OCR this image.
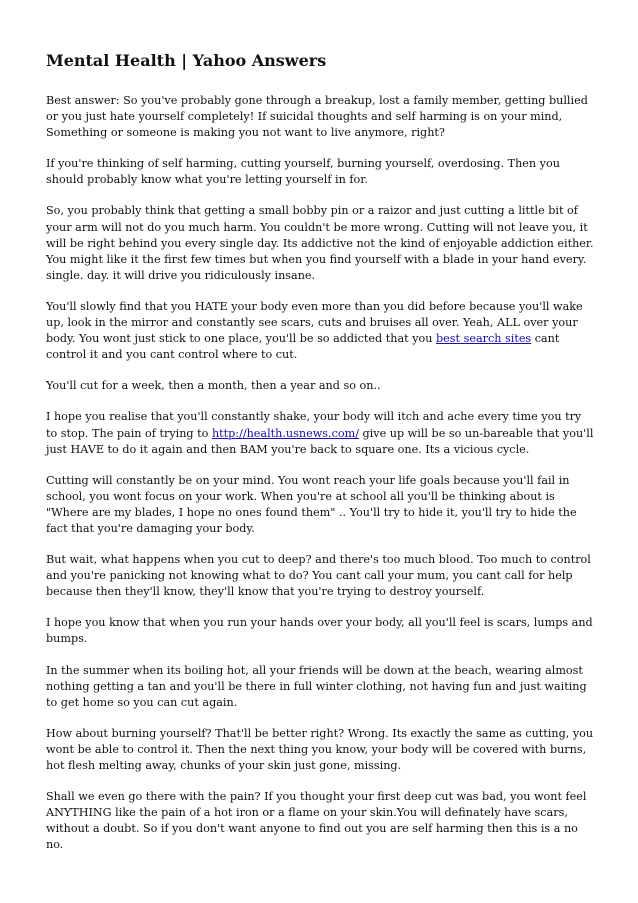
Mental Health | Yahoo Answers

Best answer: So you've probably gone through a breakup, lost a family member, getting bullied or you just hate yourself completely! If suicidal thoughts and self harming is on your mind, Something or someone is making you not want to live anymore, right?

If you're thinking of self harming, cutting yourself, burning yourself, overdosing. Then you should probably know what you're letting yourself in for.

So, you probably think that getting a small bobby pin or a raizor and just cutting a little bit of your arm will not do you much harm. You couldn't be more wrong. Cutting will not leave you, it will be right behind you every single day. Its addictive not the kind of enjoyable addiction either. You might like it the first few times but when you find yourself with a blade in your hand every. single. day. it will drive you ridiculously insane.

You'll slowly find that you HATE your body even more than you did before because you'll wake up, look in the mirror and constantly see scars, cuts and bruises all over. Yeah, ALL over your body. You wont just stick to one place, you'll be so addicted that you best search sites cant control it and you cant control where to cut.

You'll cut for a week, then a month, then a year and so on..

I hope you realise that you'll constantly shake, your body will itch and ache every time you try to stop. The pain of trying to http://health.usnews.com/ give up will be so un-bareable that you'll just HAVE to do it again and then BAM you're back to square one. Its a vicious cycle.

Cutting will constantly be on your mind. You wont reach your life goals because you'll fail in school, you wont focus on your work. When you're at school all you'll be thinking about is "Where are my blades, I hope no ones found them" .. You'll try to hide it, you'll try to hide the fact that you're damaging your body.

But wait, what happens when you cut to deep? and there's too much blood. Too much to control and you're panicking not knowing what to do? You cant call your mum, you cant call for help because then they'll know, they'll know that you're trying to destroy yourself.

I hope you know that when you run your hands over your body, all you'll feel is scars, lumps and bumps.

In the summer when its boiling hot, all your friends will be down at the beach, wearing almost nothing getting a tan and you'll be there in full winter clothing, not having fun and just waiting to get home so you can cut again.

How about burning yourself? That'll be better right? Wrong. Its exactly the same as cutting, you wont be able to control it. Then the next thing you know, your body will be covered with burns, hot flesh melting away, chunks of your skin just gone, missing.

Shall we even go there with the pain? If you thought your first deep cut was bad, you wont feel ANYTHING like the pain of a hot iron or a flame on your skin.You will definately have scars, without a doubt. So if you don't want anyone to find out you are self harming then this is a no no.
